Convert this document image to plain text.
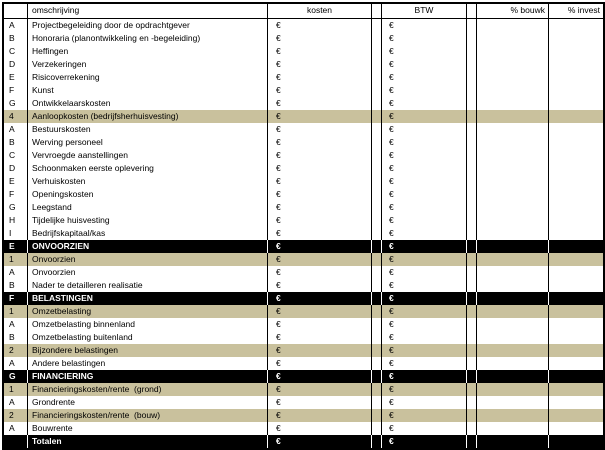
omschrijving	kosten	BTW	% bouwk	% invest
A	Projectbegeleiding door de opdrachtgever	€	€
B	Honoraria (planontwikkeling en -begeleiding)	€	€
C	Heffingen	€	€
D	Verzekeringen	€	€
E	Risicoverrekening	€	€
F	Kunst	€	€
G	Ontwikkelaarskosten	€	€
4	Aanloopkosten (bedrijfsherhuisvesting)	€	€
A	Bestuurskosten	€	€
B	Werving personeel	€	€
C	Vervroegde aanstellingen	€	€
D	Schoonmaken eerste oplevering	€	€
E	Verhuiskosten	€	€
F	Openingskosten	€	€
G	Leegstand	€	€
H	Tijdelijke huisvesting	€	€
I	Bedrijfskapitaal/kas	€	€
E	ONVOORZIEN	€	€
1	Onvoorzien	€	€
A	Onvoorzien	€	€
B	Nader te detailleren realisatie	€	€
F	BELASTINGEN	€	€
1	Omzetbelasting	€	€
A	Omzetbelasting binnenland	€	€
B	Omzetbelasting buitenland	€	€
2	Bijzondere belastingen	€	€
A	Andere belastingen	€	€
G	FINANCIERING	€	€
1	Financieringskosten/rente  (grond)	€	€
A	Grondrente	€	€
2	Financieringskosten/rente  (bouw)	€	€
A	Bouwrente	€	€
Totalen	€	€
